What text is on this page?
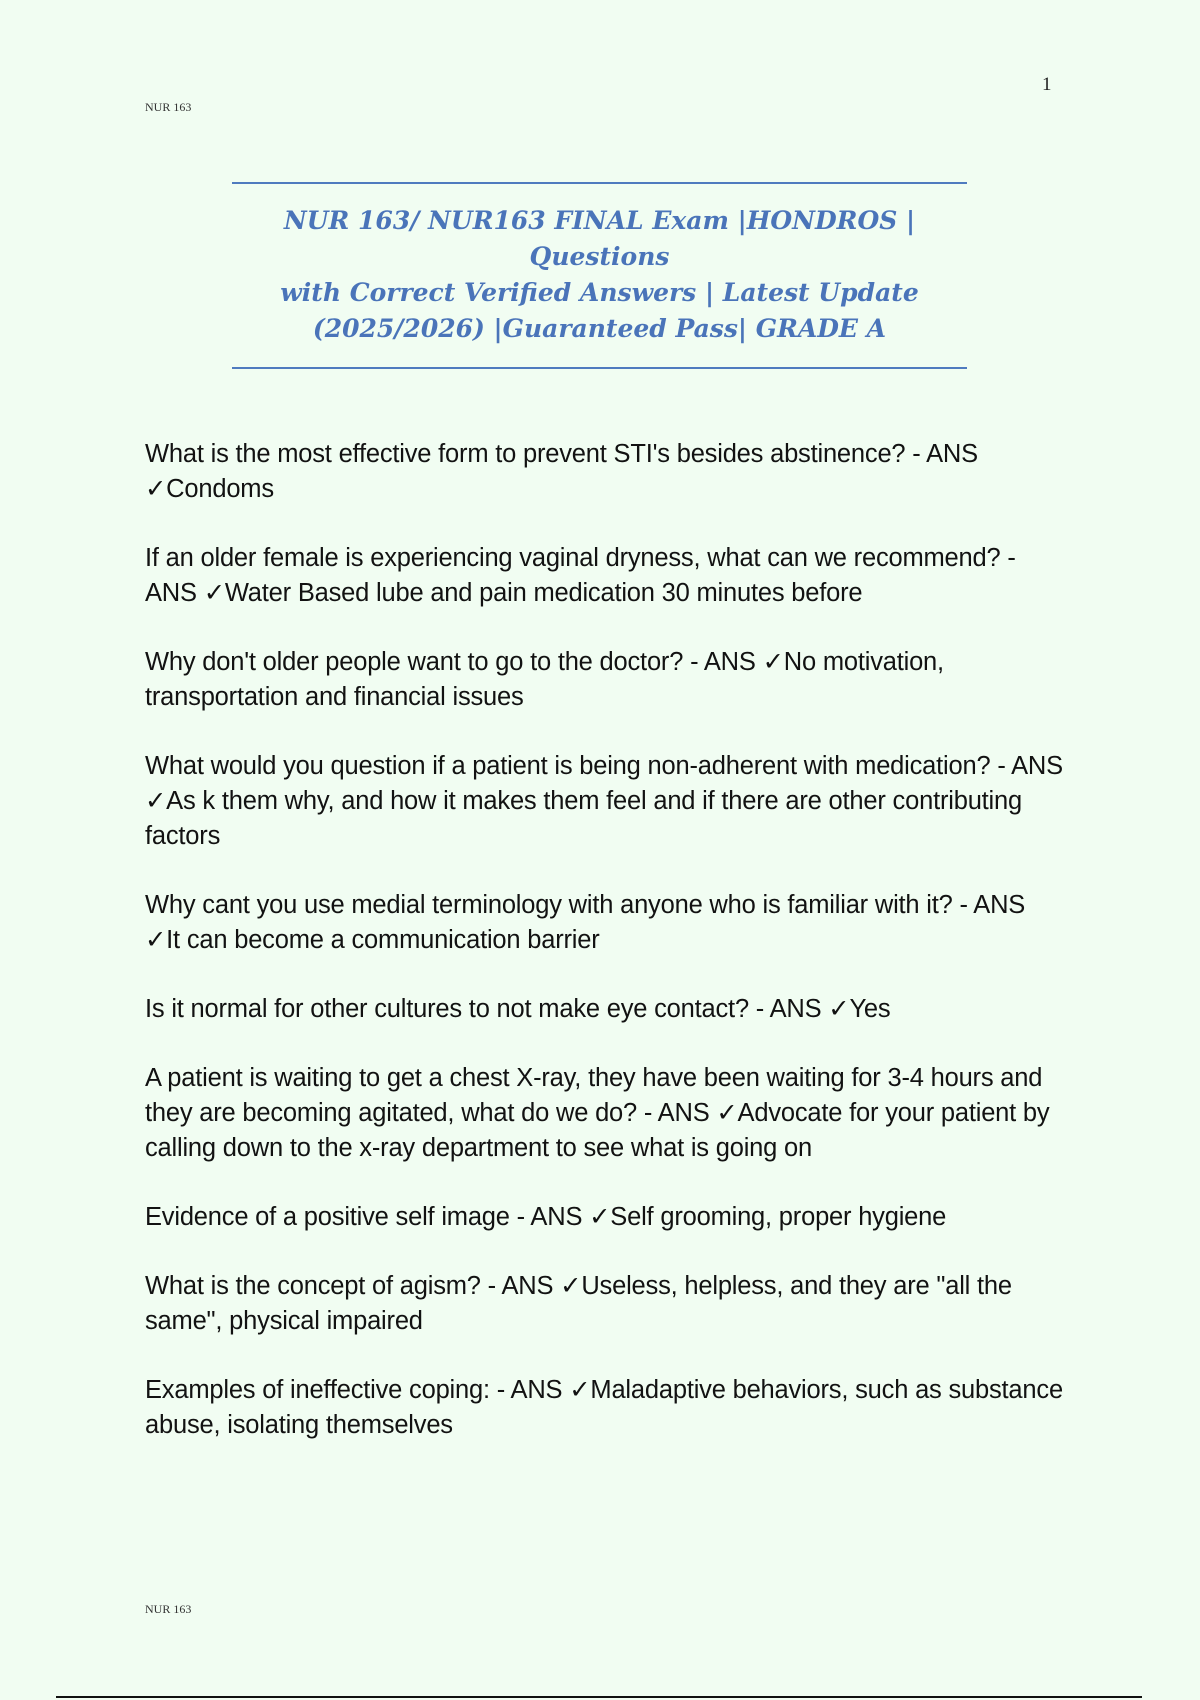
1
NUR 163

NUR 163/ NUR163 FINAL Exam |HONDROS | Questions

with Correct Verified Answers | Latest Update

(2025/2026) |Guaranteed Pass| GRADE A

What is the most effective form to prevent STI's besides abstinence? - ANS ✓Condoms

If an older female is experiencing vaginal dryness, what can we recommend? - ANS ✓Water Based lube and pain medication 30 minutes before

Why don't older people want to go to the doctor? - ANS ✓No motivation, transportation and financial issues

What would you question if a patient is being non-adherent with medication? - ANS ✓As k them why, and how it makes them feel and if there are other contributing factors

Why cant you use medial terminology with anyone who is familiar with it? - ANS ✓It can become a communication barrier

Is it normal for other cultures to not make eye contact? - ANS ✓Yes

A patient is waiting to get a chest X-ray, they have been waiting for 3-4 hours and they are becoming agitated, what do we do? - ANS ✓Advocate for your patient by calling down to the x-ray department to see what is going on

Evidence of a positive self image - ANS ✓Self grooming, proper hygiene

What is the concept of agism? - ANS ✓Useless, helpless, and they are "all the same", physical impaired

Examples of ineffective coping: - ANS ✓Maladaptive behaviors, such as substance abuse, isolating themselves

NUR 163
